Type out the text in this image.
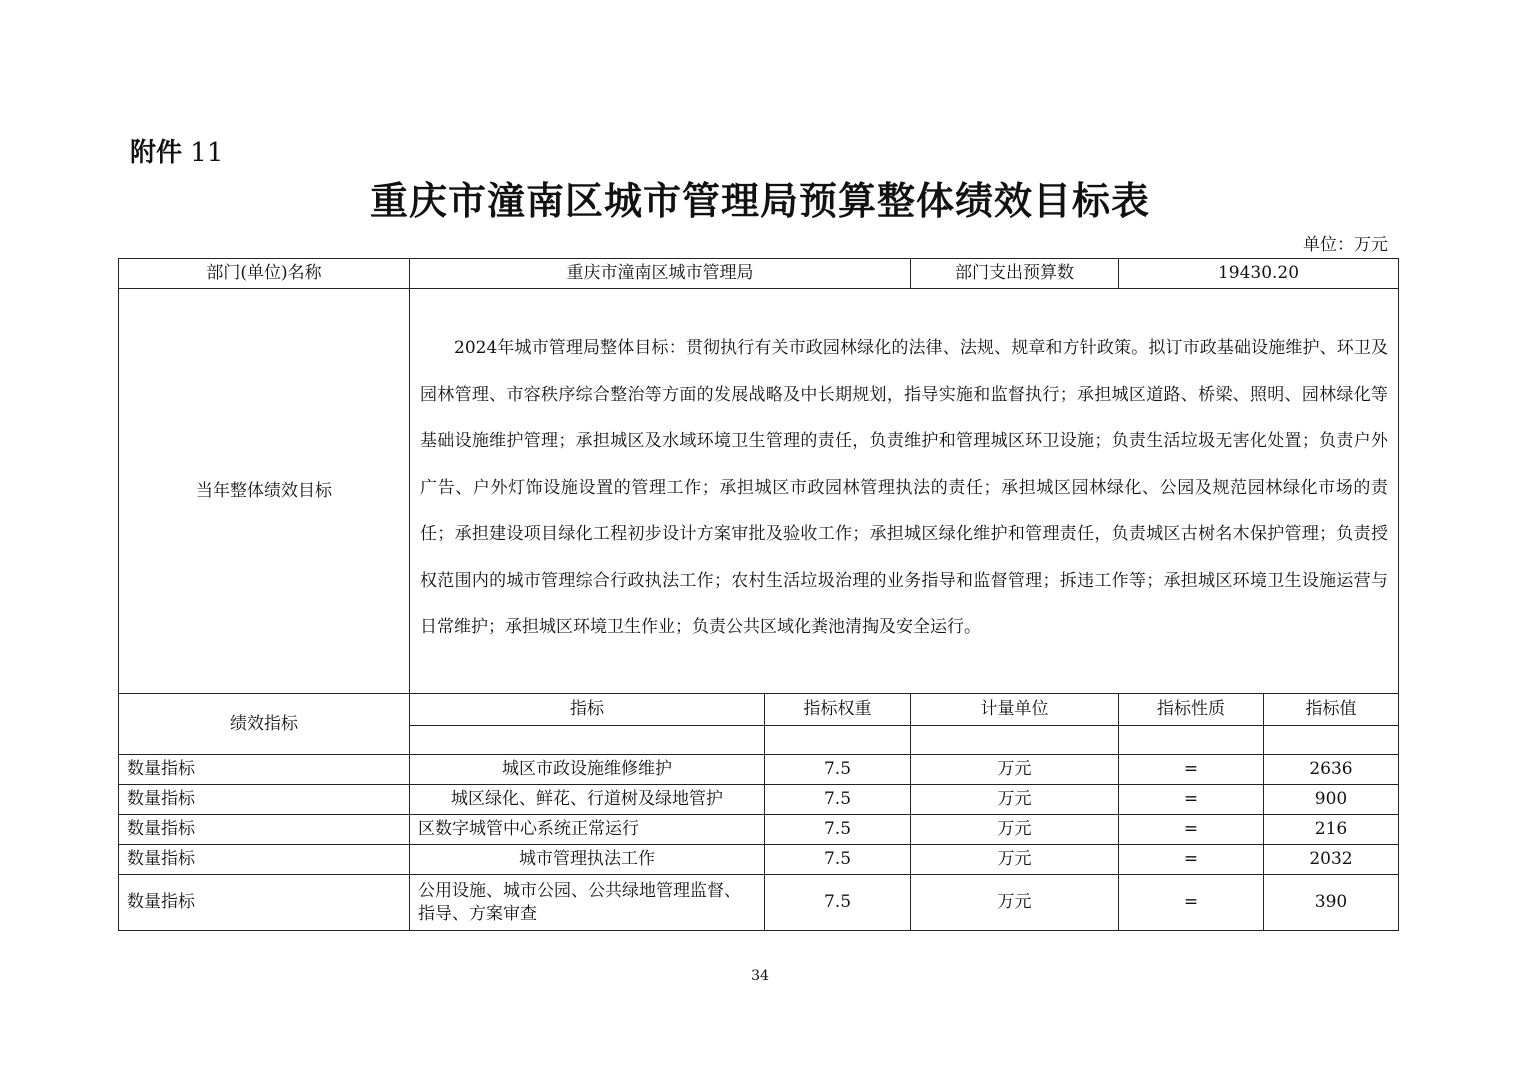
附件 11
重庆市潼南区城市管理局预算整体绩效目标表
单位：万元
部门(单位)名称	重庆市潼南区城市管理局		部门支出预算数	19430.20	
当年整体绩效目标	2024年城市管理局整体目标：贯彻执行有关市政园林绿化的法律、法规、规章和方针政策。拟订市政基础设施维护、环卫及园林管理、市容秩序综合整治等方面的发展战略及中长期规划，指导实施和监督执行；承担城区道路、桥梁、照明、园林绿化等基础设施维护管理；承担城区及水域环境卫生管理的责任，负责维护和管理城区环卫设施；负责生活垃圾无害化处置；负责户外广告、户外灯饰设施设置的管理工作；承担城区市政园林管理执法的责任；承担城区园林绿化、公园及规范园林绿化市场的责任；承担建设项目绿化工程初步设计方案审批及验收工作；承担城区绿化维护和管理责任，负责城区古树名木保护管理；负责授权范围内的城市管理综合行政执法工作；农村生活垃圾治理的业务指导和监督管理；拆违工作等；承担城区环境卫生设施运营与日常维护；承担城区环境卫生作业；负责公共区域化粪池清掏及安全运行。				

绩效指标	指标	指标权重	计量单位	指标性质	指标值

数量指标	城区市政设施维修维护	7.5	万元	=	2636
数量指标	城区绿化、鲜花、行道树及绿地管护	7.5	万元	=	900
数量指标	区数字城管中心系统正常运行	7.5	万元	=	216
数量指标	城市管理执法工作	7.5	万元	=	2032
数量指标	公用设施、城市公园、公共绿地管理监督、指导、方案审查	7.5	万元	=	390
34
